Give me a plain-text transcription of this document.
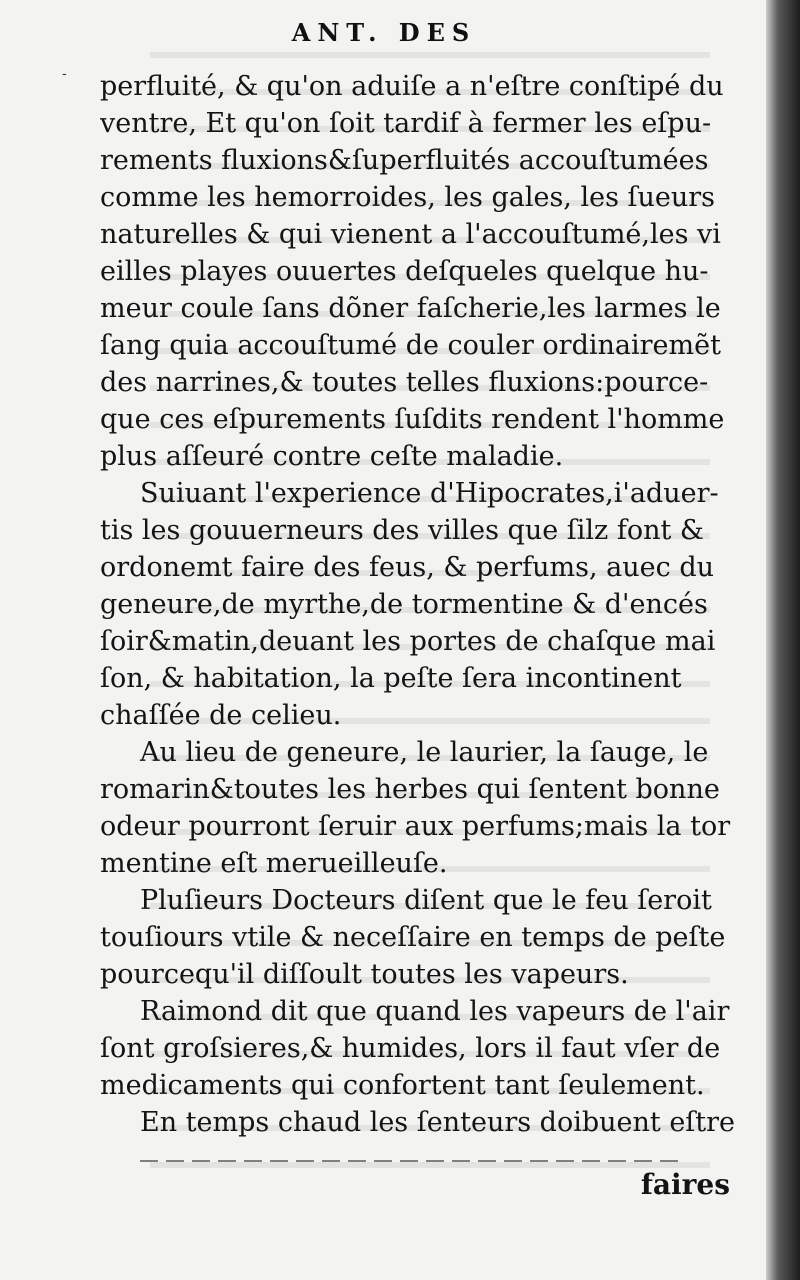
ANT. DES
- perfluité, & qu'on aduiſe a n'eſtre conſtipé du
ventre, Et qu'on ſoit tardif à fermer les eſpu-
rements fluxions&ſuperfluités accouſtumées
comme les hemorroides, les gales, les ſueurs
naturelles & qui vienent a l'accouſtumé,les vi
eilles playes ouuertes deſqueles quelque hu-
meur coule ſans dõner faſcherie,les larmes le
ſang quia accouſtumé de couler ordinairemẽt
des narrines,& toutes telles fluxions:pource-
que ces eſpurements ſuſdits rendent l'homme
plus aſſeuré contre ceſte maladie.
Suiuant l'experience d'Hipocrates,i'aduer-
tis les gouuerneurs des villes que ſilz font &
ordonemt faire des feus, & perfums, auec du
geneure,de myrthe,de tormentine & d'encés
ſoir&matin,deuant les portes de chaſque mai
ſon, & habitation, la peſte ſera incontinent
chaſſée de celieu.
Au lieu de geneure, le laurier, la ſauge, le
romarin&toutes les herbes qui ſentent bonne
odeur pourront ſeruir aux perfums;mais la tor
mentine eſt merueilleuſe.
Pluſieurs Docteurs diſent que le feu ſeroit
touſiours vtile & neceſſaire en temps de peſte
pourcequ'il diſſoult toutes les vapeurs.
Raimond dit que quand les vapeurs de l'air
ſont groſsieres,& humides, lors il faut vſer de
medicaments qui confortent tant ſeulement.
En temps chaud les ſenteurs doibuent eſtre
faires
